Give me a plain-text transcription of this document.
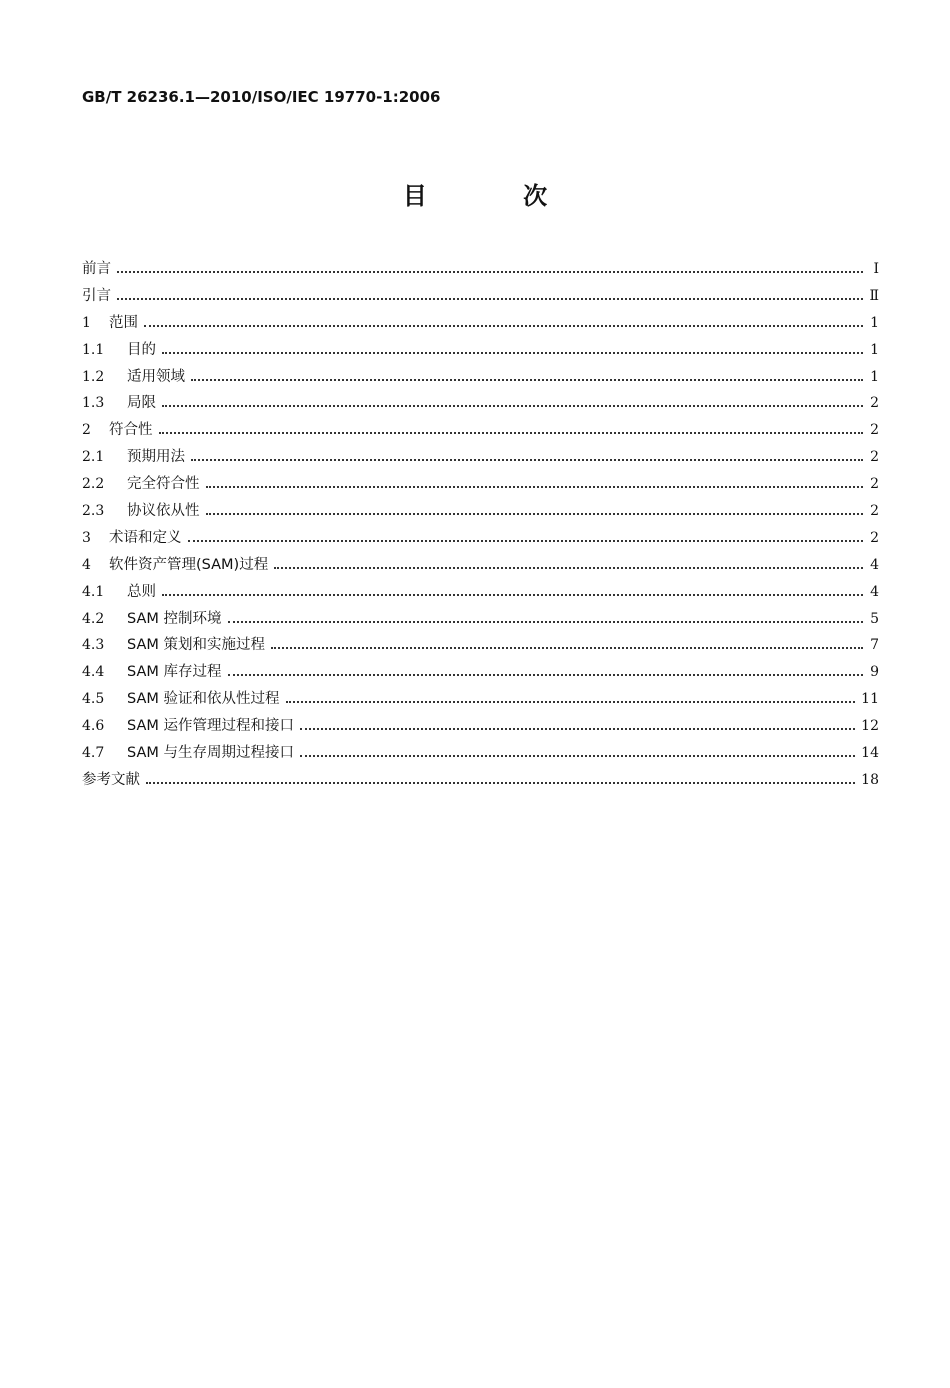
GB/T 26236.1—2010/ISO/IEC 19770-1:2006
目 次
前言	Ⅰ
引言	Ⅱ
1	范围	1
1.1	目的	1
1.2	适用领域	1
1.3	局限	2
2	符合性	2
2.1	预期用法	2
2.2	完全符合性	2
2.3	协议依从性	2
3	术语和定义	2
4	软件资产管理(SAM)过程	4
4.1	总则	4
4.2	SAM 控制环境	5
4.3	SAM 策划和实施过程	7
4.4	SAM 库存过程	9
4.5	SAM 验证和依从性过程	11
4.6	SAM 运作管理过程和接口	12
4.7	SAM 与生存周期过程接口	14
参考文献	18
